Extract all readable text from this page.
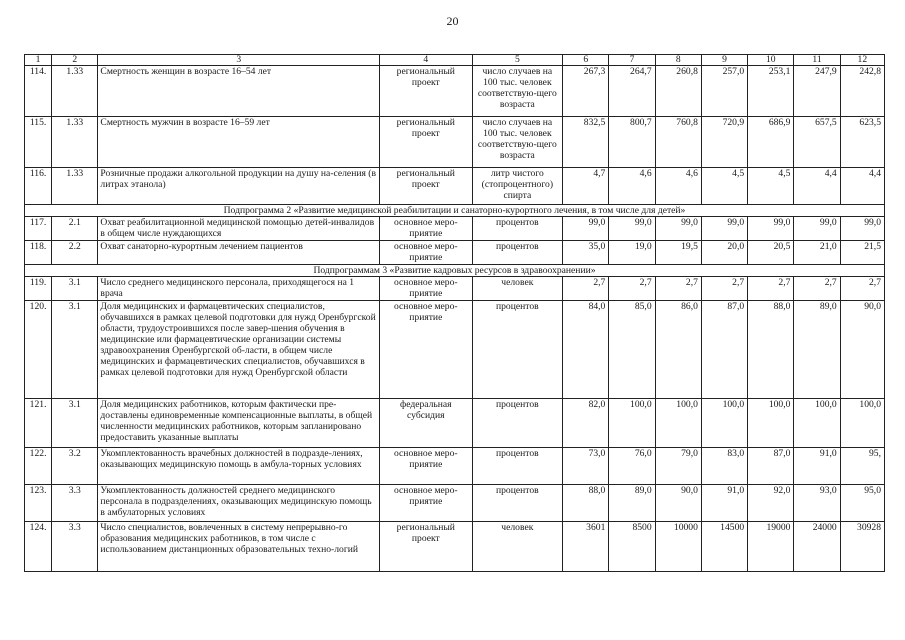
20
1	2	3	4	5	6	7	8	9	10	11	12
114.	1.33	Смертность женщин в возрасте 16–54 лет	региональный проект	число случаев на 100 тыс. человек соответствую-щего возраста	267,3	264,7	260,8	257,0	253,1	247,9	242,8
115.	1.33	Смертность мужчин в возрасте 16–59 лет	региональный проект	число случаев на 100 тыс. человек соответствую-щего возраста	832,5	800,7	760,8	720,9	686,9	657,5	623,5
116.	1.33	Розничные продажи алкогольной продукции на душу на-селения (в литрах этанола)	региональный проект	литр чистого (стопроцентного) спирта	4,7	4,6	4,6	4,5	4,5	4,4	4,4
Подпрограмма 2 «Развитие медицинской реабилитации и санаторно-курортного лечения, в том числе для детей»											
117.	2.1	Охват реабилитационной медицинской помощью детей-инвалидов в общем числе нуждающихся	основное меро-приятие	процентов	99,0	99,0	99,0	99,0	99,0	99,0	99,0
118.	2.2	Охват санаторно-курортным лечением пациентов	основное меро-приятие	процентов	35,0	19,0	19,5	20,0	20,5	21,0	21,5
Подпрограммам 3 «Развитие кадровых ресурсов в здравоохранении»											
119.	3.1	Число среднего медицинского персонала, приходящегося на 1 врача	основное меро-приятие	человек	2,7	2,7	2,7	2,7	2,7	2,7	2,7
120.	3.1	Доля медицинских и фармацевтических специалистов, обучавшихся в рамках целевой подготовки для нужд Оренбургской области, трудоустроившихся после завер-шения обучения в медицинские или фармацевтические организации системы здравоохранения Оренбургской об-ласти, в общем числе медицинских и фармацевтических специалистов, обучавшихся в рамках целевой подготовки для нужд Оренбургской области	основное меро-приятие	процентов	84,0	85,0	86,0	87,0	88,0	89,0	90,0
121.	3.1	Доля медицинских работников, которым фактически пре-доставлены единовременные компенсационные выплаты, в общей численности медицинских работников, которым запланировано предоставить указанные выплаты	федеральная субсидия	процентов	82,0	100,0	100,0	100,0	100,0	100,0	100,0
122.	3.2	Укомплектованность врачебных должностей в подразде-лениях, оказывающих медицинскую помощь в амбула-торных условиях	основное меро-приятие	процентов	73,0	76,0	79,0	83,0	87,0	91,0	95,
123.	3.3	Укомплектованность должностей среднего медицинского персонала в подразделениях, оказывающих медицинскую помощь в амбулаторных условиях	основное меро-приятие	процентов	88,0	89,0	90,0	91,0	92,0	93,0	95,0
124.	3.3	Число специалистов, вовлеченных в систему непрерывно-го образования медицинских работников, в том числе с использованием дистанционных образовательных техно-логий	региональный проект	человек	3601	8500	10000	14500	19000	24000	30928
